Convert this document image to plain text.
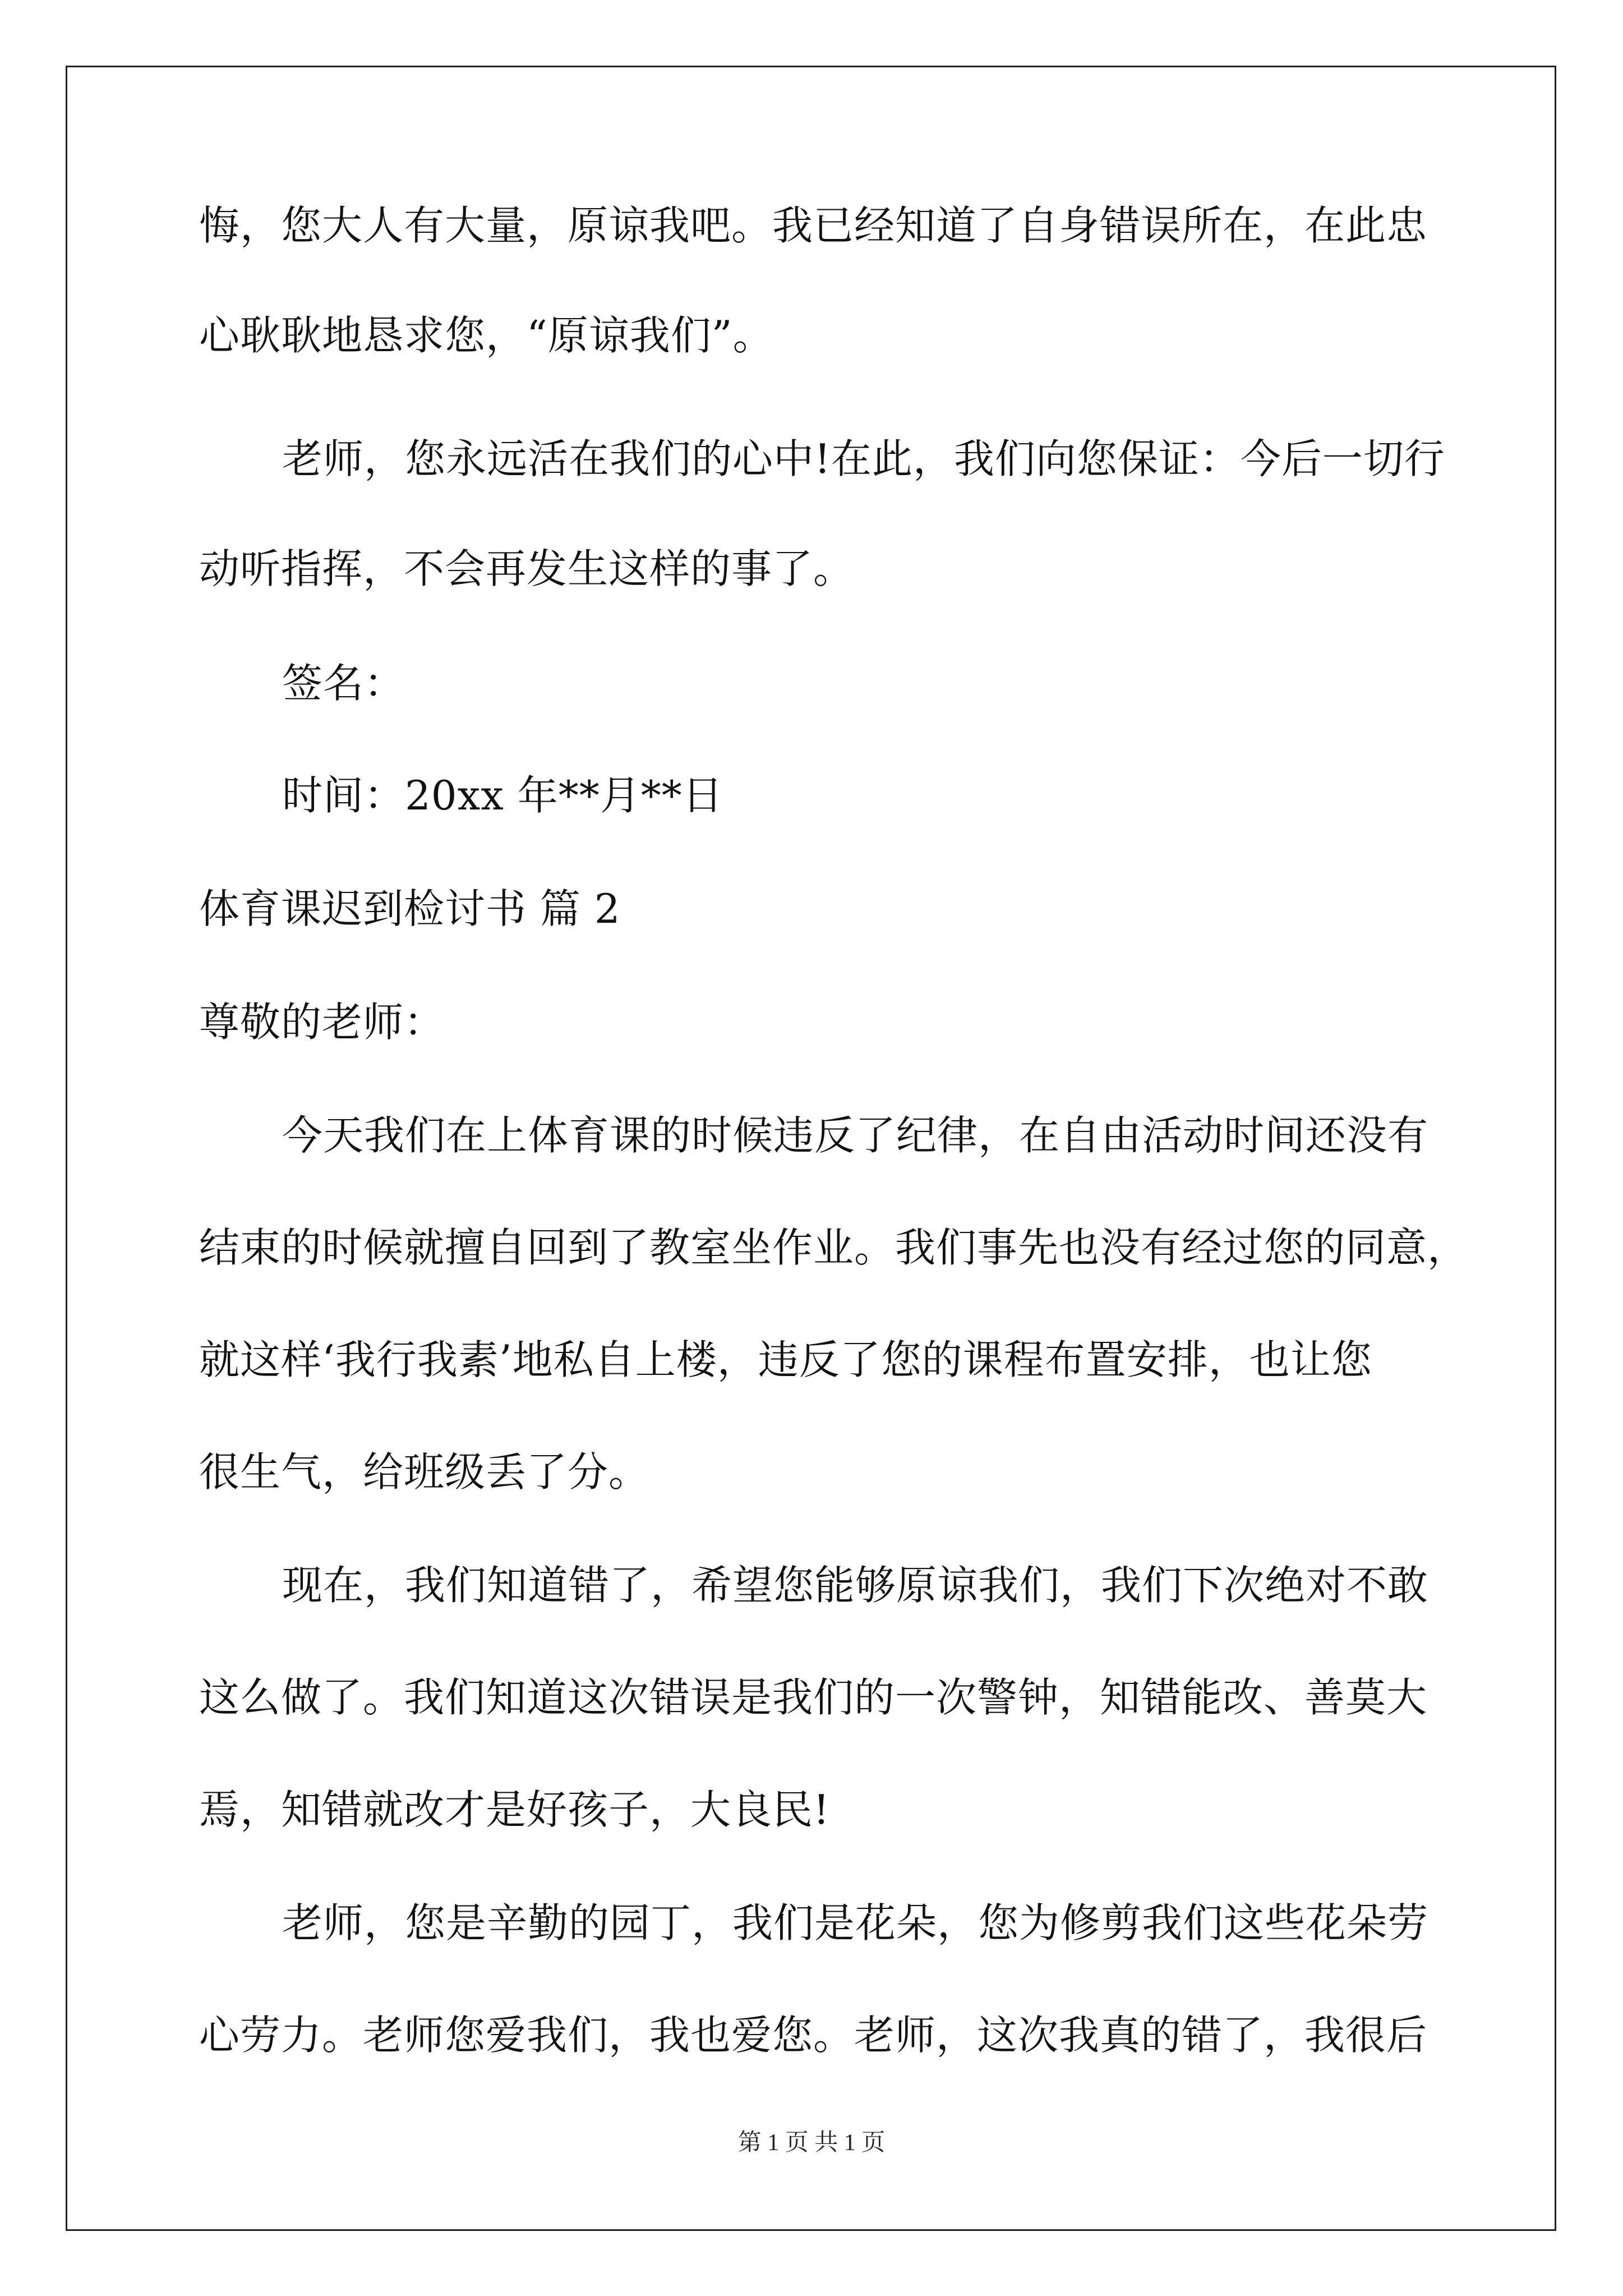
悔，您大人有大量，原谅我吧。我已经知道了自身错误所在，在此忠
心耿耿地恳求您，“原谅我们”。
老师，您永远活在我们的心中!在此，我们向您保证：今后一切行
动听指挥，不会再发生这样的事了。
签名：
时间：20xx 年**月**日
体育课迟到检讨书 篇 2
尊敬的老师：
今天我们在上体育课的时候违反了纪律，在自由活动时间还没有
结束的时候就擅自回到了教室坐作业。我们事先也没有经过您的同意，
就这样‘我行我素’地私自上楼，违反了您的课程布置安排，也让您
很生气，给班级丢了分。
现在，我们知道错了，希望您能够原谅我们，我们下次绝对不敢
这么做了。我们知道这次错误是我们的一次警钟，知错能改、善莫大
焉，知错就改才是好孩子，大良民!
老师，您是辛勤的园丁，我们是花朵，您为修剪我们这些花朵劳
心劳力。老师您爱我们，我也爱您。老师，这次我真的错了，我很后
第 1 页 共 1 页
